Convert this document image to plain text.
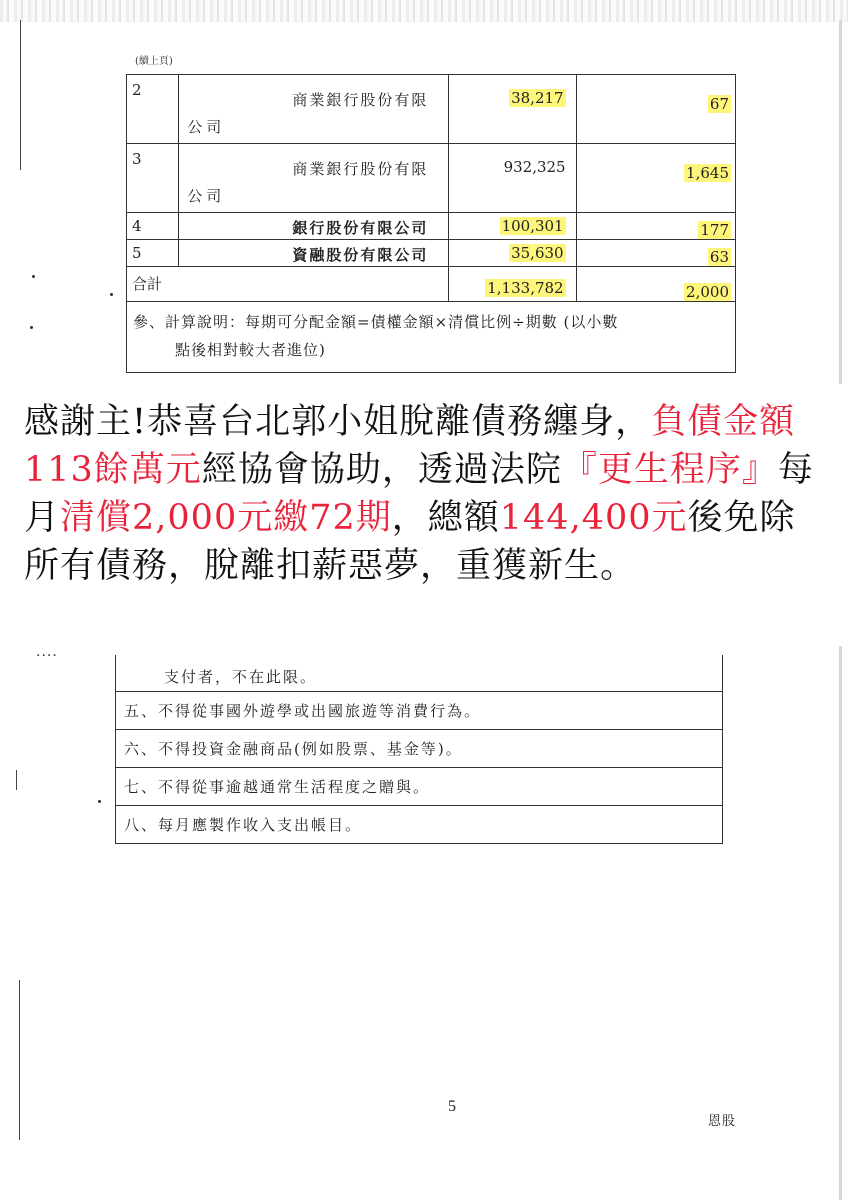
(續上頁)
2	商業銀行股份有限
公司	38,217	67
3	商業銀行股份有限
公司	932,325	1,645
4	銀行股份有限公司	100,301	177
5	資融股份有限公司	35,630	63
合計		1,133,782	2,000
參、計算說明：每期可分配金額=債權金額×清償比例÷期數 (以小數
點後相對較大者進位)			
感謝主!恭喜台北郭小姐脫離債務纏身，負債金額113餘萬元經協會協助，透過法院『更生程序』每月清償2,000元繳72期，總額144,400元後免除所有債務，脫離扣薪惡夢，重獲新生。
....
支付者，不在此限。
五、不得從事國外遊學或出國旅遊等消費行為。
六、不得投資金融商品(例如股票、基金等)。
七、不得從事逾越通常生活程度之贈與。
八、每月應製作收入支出帳目。
5
恩股
